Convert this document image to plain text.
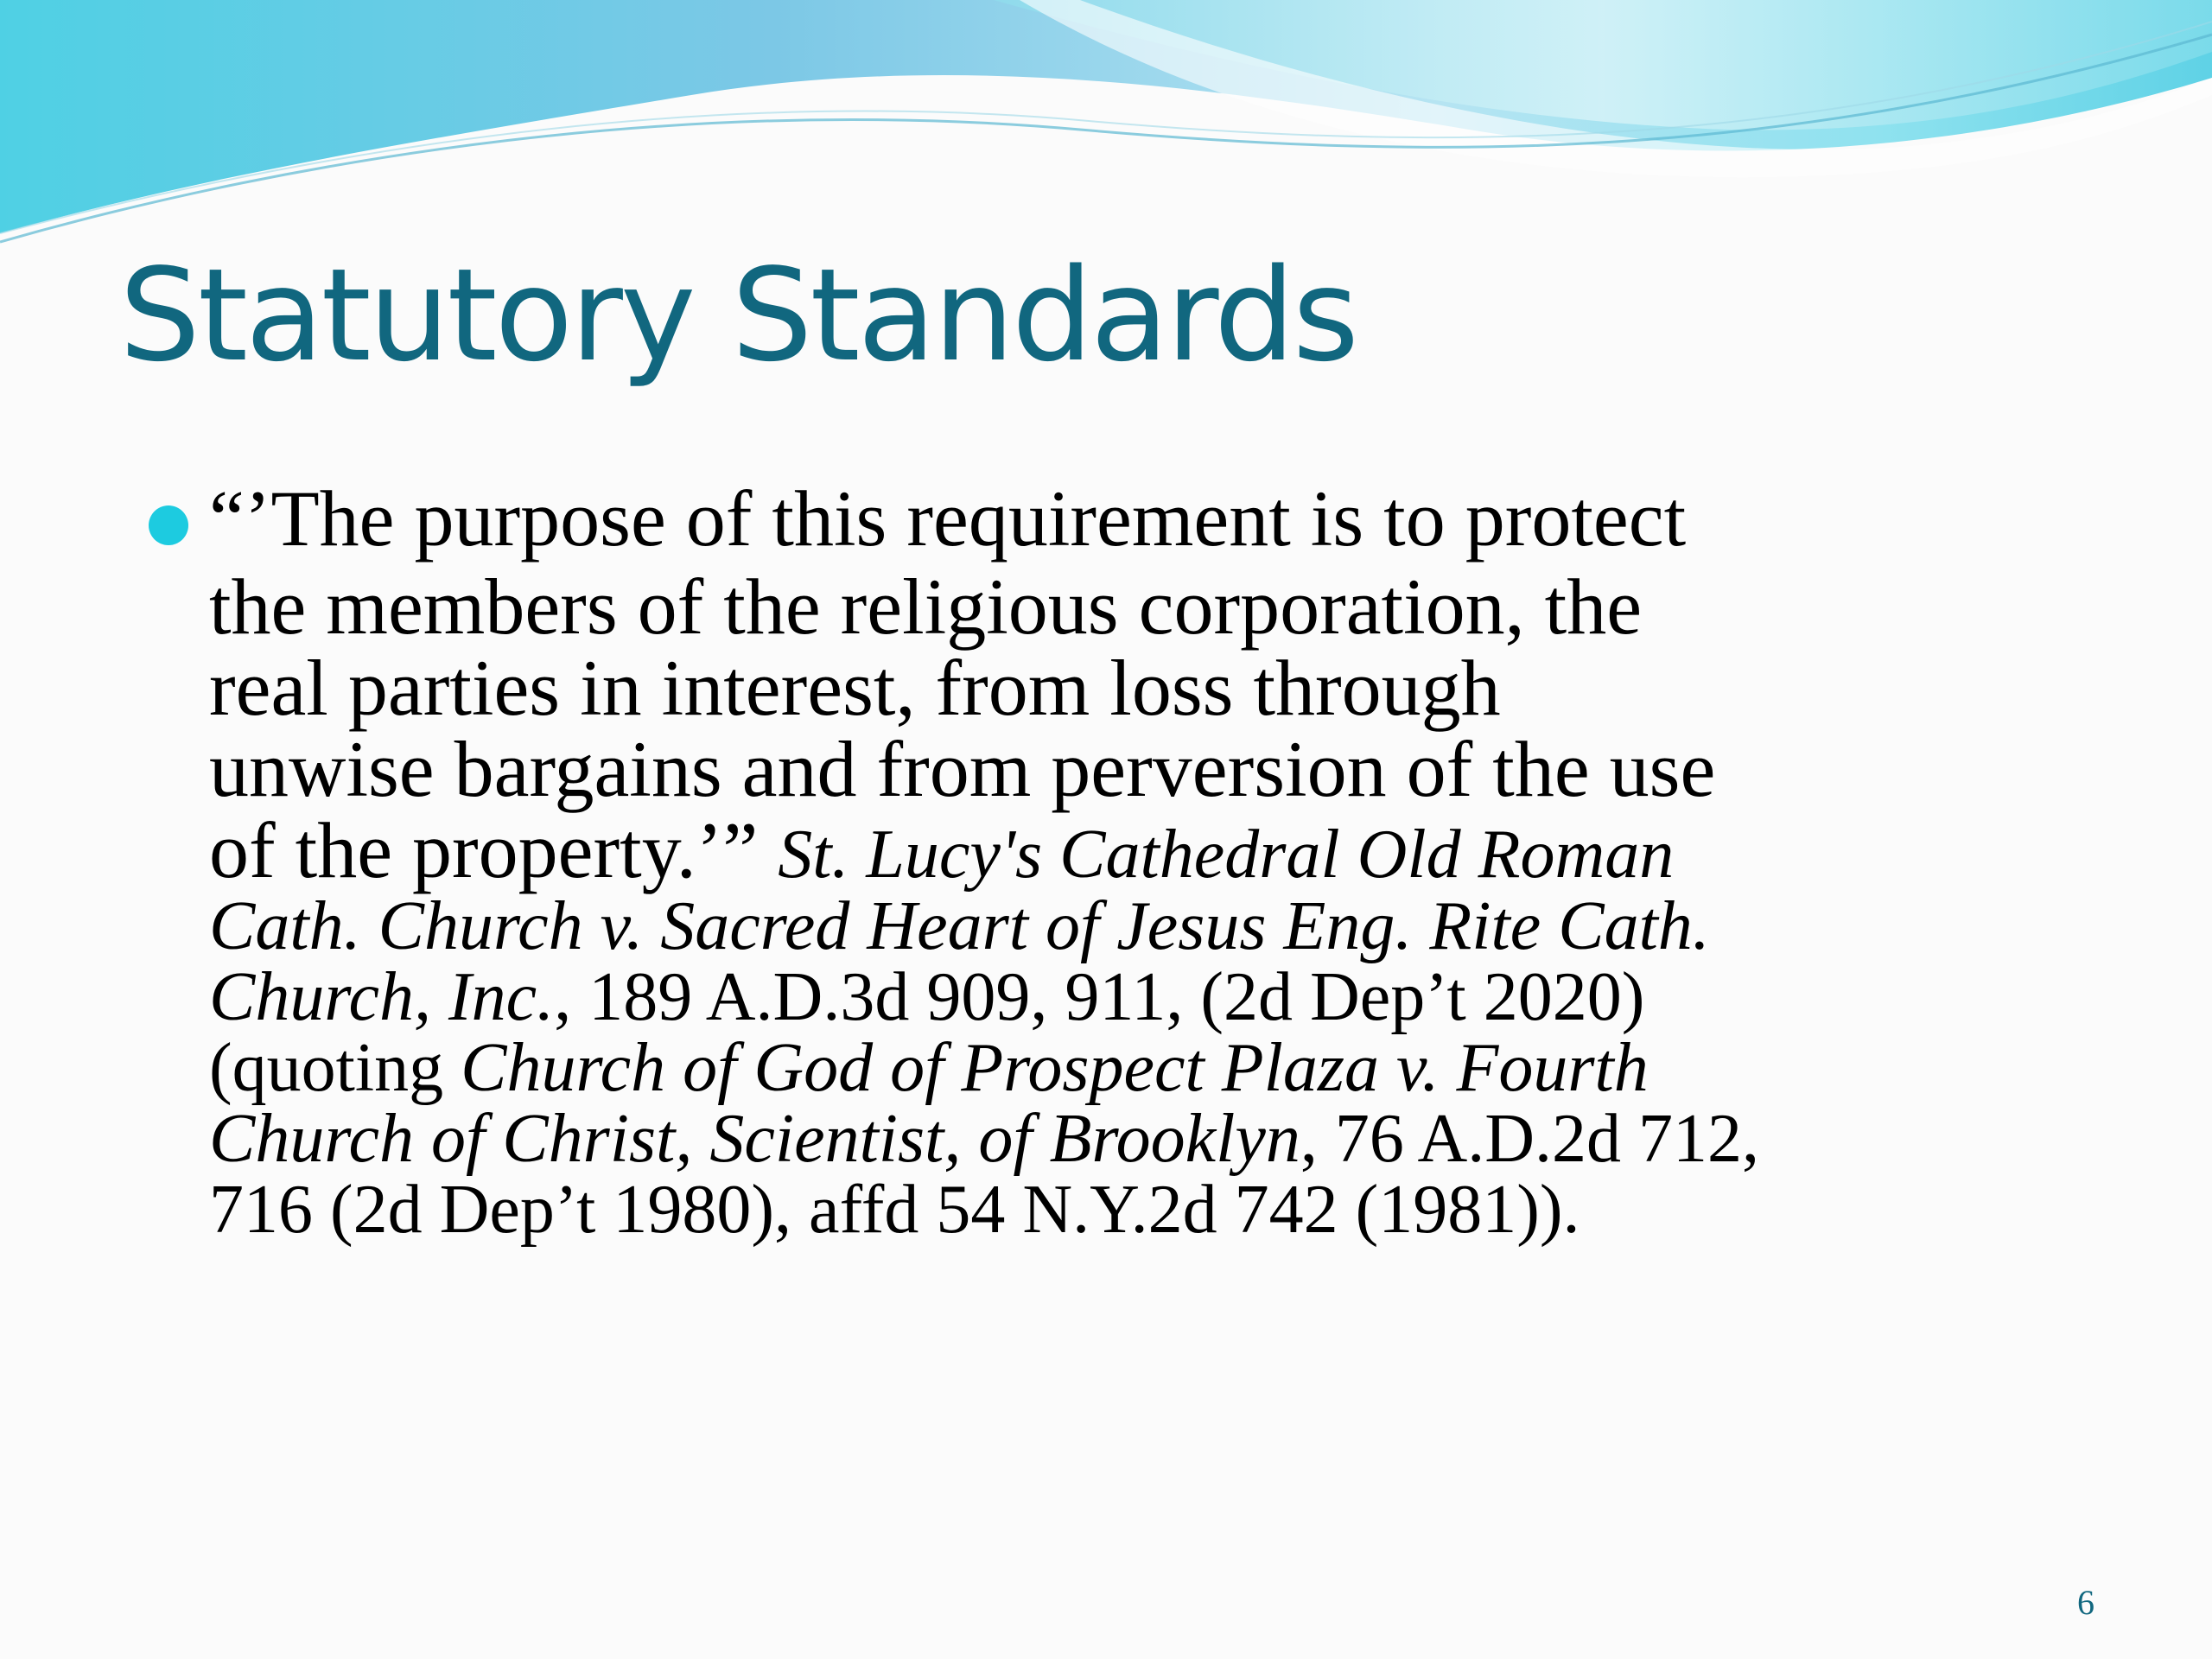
Statutory Standards
“’The purpose of this requirement is to protect
the members of the religious corporation, the
real parties in interest, from loss through
unwise bargains and from perversion of the use
of the property.’” St. Lucy's Cathedral Old Roman
Cath. Church v. Sacred Heart of Jesus Eng. Rite Cath.
Church, Inc., 189 A.D.3d 909, 911, (2d Dep’t 2020)
(quoting Church of God of Prospect Plaza v. Fourth
Church of Christ, Scientist, of Brooklyn, 76 A.D.2d 712,
716 (2d Dep’t 1980), affd 54 N.Y.2d 742 (1981)).
6
